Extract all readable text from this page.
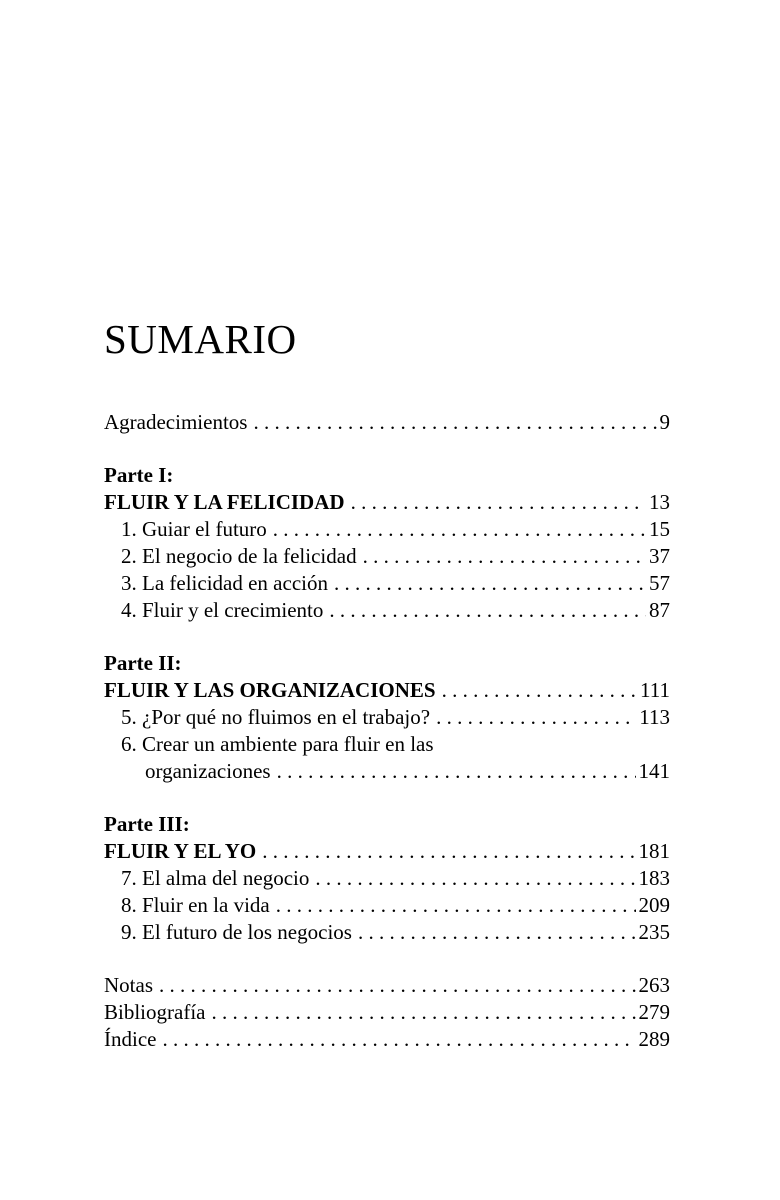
SUMARIO
Agradecimientos . . .	9
Parte I:
FLUIR Y LA FELICIDAD . . .	13
1. Guiar el futuro . . .	15
2. El negocio de la felicidad . . .	37
3. La felicidad en acción . . .	57
4. Fluir y el crecimiento . . .	87
Parte II:
FLUIR Y LAS ORGANIZACIONES . . .	111
5. ¿Por qué no fluimos en el trabajo? . . .	113
6. Crear un ambiente para fluir en las
organizaciones . . .	141
Parte III:
FLUIR Y EL YO . . .	181
7. El alma del negocio . . .	183
8. Fluir en la vida . . .	209
9. El futuro de los negocios . . .	235
Notas . . .	263
Bibliografía . . .	279
Índice . . .	289
